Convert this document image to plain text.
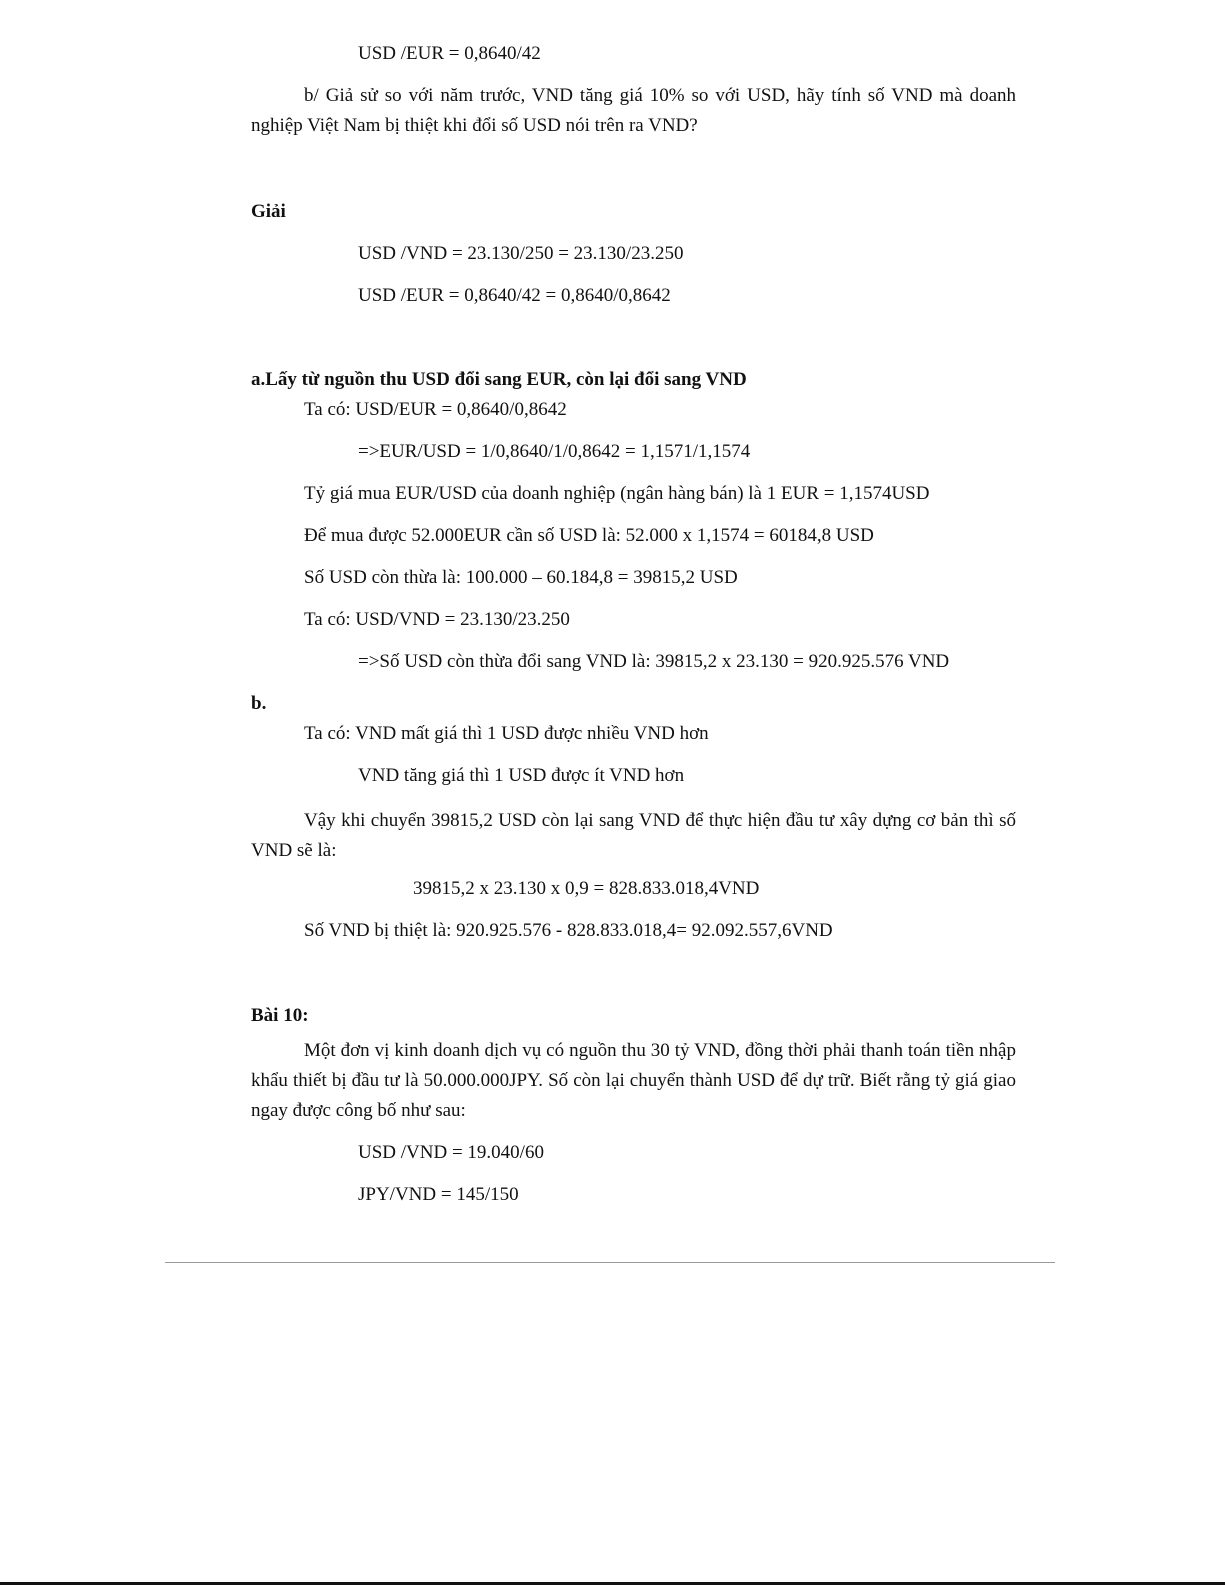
USD /EUR = 0,8640/42
b/ Giả sử so với năm trước, VND tăng giá 10% so với USD, hãy tính số VND mà doanh nghiệp Việt Nam bị thiệt khi đổi số USD nói trên ra VND?
Giải
USD /VND = 23.130/250 = 23.130/23.250
USD /EUR = 0,8640/42 = 0,8640/0,8642
a.Lấy từ nguồn thu USD đổi sang EUR, còn lại đổi sang VND
Ta có: USD/EUR = 0,8640/0,8642
=>EUR/USD = 1/0,8640/1/0,8642 = 1,1571/1,1574
Tỷ giá mua EUR/USD của doanh nghiệp (ngân hàng bán) là 1 EUR = 1,1574USD
Để mua được 52.000EUR cần số USD là: 52.000 x 1,1574 = 60184,8 USD
Số USD còn thừa là: 100.000 – 60.184,8 = 39815,2 USD
Ta có: USD/VND = 23.130/23.250
=>Số USD còn thừa đổi sang VND là: 39815,2 x 23.130 = 920.925.576 VND
b.
Ta có: VND mất giá thì 1 USD được nhiều VND hơn
VND tăng giá thì 1 USD được ít VND hơn
Vậy khi chuyển 39815,2 USD còn lại sang VND để thực hiện đầu tư xây dựng cơ bản thì số VND sẽ là:
39815,2 x 23.130 x 0,9 = 828.833.018,4VND
Số VND bị thiệt là: 920.925.576 - 828.833.018,4= 92.092.557,6VND
Bài 10:
Một đơn vị kinh doanh dịch vụ có nguồn thu 30 tỷ VND, đồng thời phải thanh toán tiền nhập khẩu thiết bị đầu tư là 50.000.000JPY. Số còn lại chuyển thành USD để dự trữ. Biết rằng tỷ giá giao ngay được công bố như sau:
USD /VND = 19.040/60
JPY/VND = 145/150
